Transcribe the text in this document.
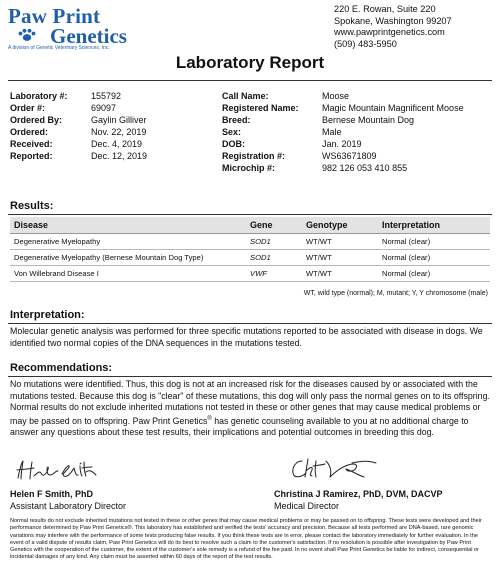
Paw Print
Genetics
A division of Genetic Veterinary Sciences, Inc.
220 E. Rowan, Suite 220
Spokane, Washington 99207
www.pawprintgenetics.com
(509) 483-5950
Laboratory Report
Laboratory #:	155792
Order #:	69097
Ordered By:	Gaylin Gilliver
Ordered:	Nov. 22, 2019
Received:	Dec. 4, 2019
Reported:	Dec. 12, 2019
Call Name:	Moose
Registered Name:	Magic Mountain Magnificent Moose
Breed:	Bernese Mountain Dog
Sex:	Male
DOB:	Jan. 2019
Registration #:	WS63671809
Microchip #:	982 126 053 410 855
Results:
Disease	Gene	Genotype	Interpretation
Degenerative Myelopathy	SOD1	WT/WT	Normal (clear)
Degenerative Myelopathy (Bernese Mountain Dog Type)	SOD1	WT/WT	Normal (clear)
Von Willebrand Disease I	VWF	WT/WT	Normal (clear)
WT, wild type (normal); M, mutant; Y, Y chromosome (male)
Interpretation:
Molecular genetic analysis was performed for three specific mutations reported to be associated with disease in dogs. We identified two normal copies of the DNA sequences in the mutations tested.
Recommendations:
No mutations were identified. Thus, this dog is not at an increased risk for the diseases caused by or associated with the mutations tested. Because this dog is "clear" of these mutations, this dog will only pass the normal genes on to its offspring. Normal results do not exclude inherited mutations not tested in these or other genes that may cause medical problems or may be passed on to offspring. Paw Print Genetics® has genetic counseling available to you at no additional charge to answer any questions about these test results, their implications and potential outcomes in breeding this dog.
Helen F Smith, PhD
Assistant Laboratory Director
Christina J Ramirez, PhD, DVM, DACVP
Medical Director
Normal results do not exclude inherited mutations not tested in these or other genes that may cause medical problems or may be passed on to offspring. These tests were developed and their performance determined by Paw Print Genetics®. This laboratory has established and verified the tests' accuracy and precision. Because all tests performed are DNA-based, rare genomic variations may interfere with the performance of some tests producing false results. If you think these tests are in error, please contact the laboratory immediately for further evaluation. In the event of a valid dispute of results claim, Paw Print Genetics will do its best to resolve such a claim to the customer's satisfaction. If no resolution is possible after investigation by Paw Print Genetics with the cooperation of the customer, the extent of the customer's sole remedy is a refund of the fee paid. In no event shall Paw Print Genetics be liable for indirect, consequential or incidental damages of any kind. Any claim must be asserted within 60 days of the report of the test results.
